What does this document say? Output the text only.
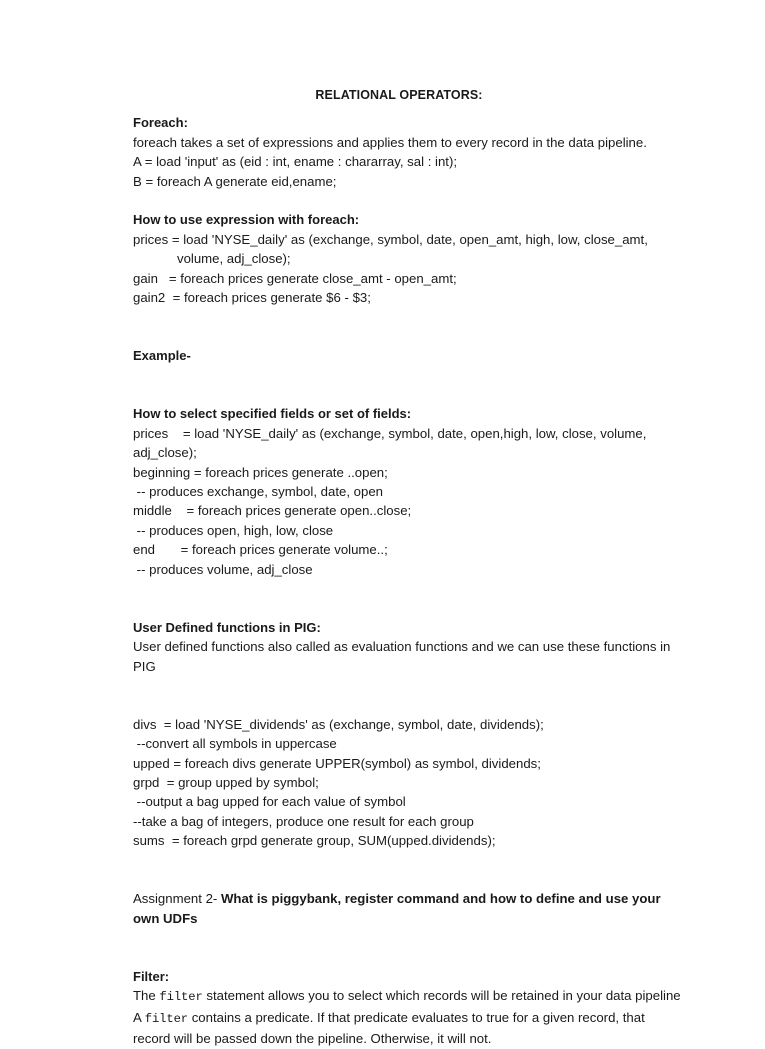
RELATIONAL OPERATORS:
Foreach:
foreach takes a set of expressions and applies them to every record in the data pipeline.
A = load 'input' as (eid : int, ename : chararray, sal : int);
B = foreach A generate eid,ename;
How to use expression with foreach:
prices = load 'NYSE_daily' as (exchange, symbol, date, open_amt, high, low, close_amt,
volume, adj_close);
gain   = foreach prices generate close_amt - open_amt;
gain2  = foreach prices generate $6 - $3;
Example-
How to select specified fields or set of fields:
prices    = load 'NYSE_daily' as (exchange, symbol, date, open,high, low, close, volume,
adj_close);
beginning = foreach prices generate ..open;
-- produces exchange, symbol, date, open
middle    = foreach prices generate open..close;
-- produces open, high, low, close
end       = foreach prices generate volume..;
-- produces volume, adj_close
User Defined functions in PIG:
User defined functions also called as evaluation functions and we can use these functions in PIG
divs  = load 'NYSE_dividends' as (exchange, symbol, date, dividends);
--convert all symbols in uppercase
upped = foreach divs generate UPPER(symbol) as symbol, dividends;
grpd  = group upped by symbol;
--output a bag upped for each value of symbol
--take a bag of integers, produce one result for each group
sums  = foreach grpd generate group, SUM(upped.dividends);
Assignment 2- What is piggybank, register command and how to define and use your own UDFs
Filter:
The filter statement allows you to select which records will be retained in your data pipeline
A filter contains a predicate. If that predicate evaluates to true for a given record, that record will be passed down the pipeline. Otherwise, it will not.
